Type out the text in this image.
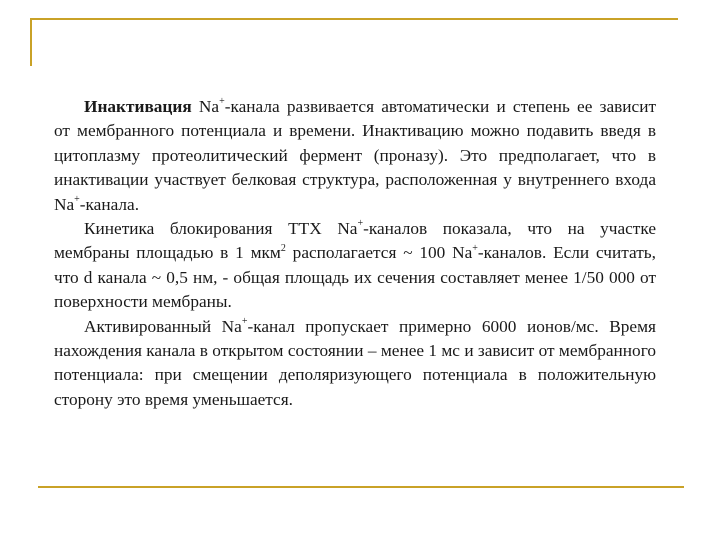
Инактивация Na+-канала развивается автоматически и степень ее зависит от мембранного потенциала и времени. Инактивацию можно подавить введя в цитоплазму протеолитический фермент (проназу). Это предполагает, что в инактивации участвует белковая структура, расположенная у внутреннего входа Na+-канала.

Кинетика блокирования ТТХ Na+-каналов показала, что на участке мембраны площадью в 1 мкм$^2$ располагается ~ 100 Na+-каналов. Если считать, что d канала ~ 0,5 нм, - общая площадь их сечения составляет менее 1/50 000 от поверхности мембраны.

Активированный Na+-канал пропускает примерно 6000 ионов/мс. Время нахождения канала в открытом состоянии – менее 1 мс и зависит от мембранного потенциала: при смещении деполяризующего потенциала в положительную сторону это время уменьшается.
